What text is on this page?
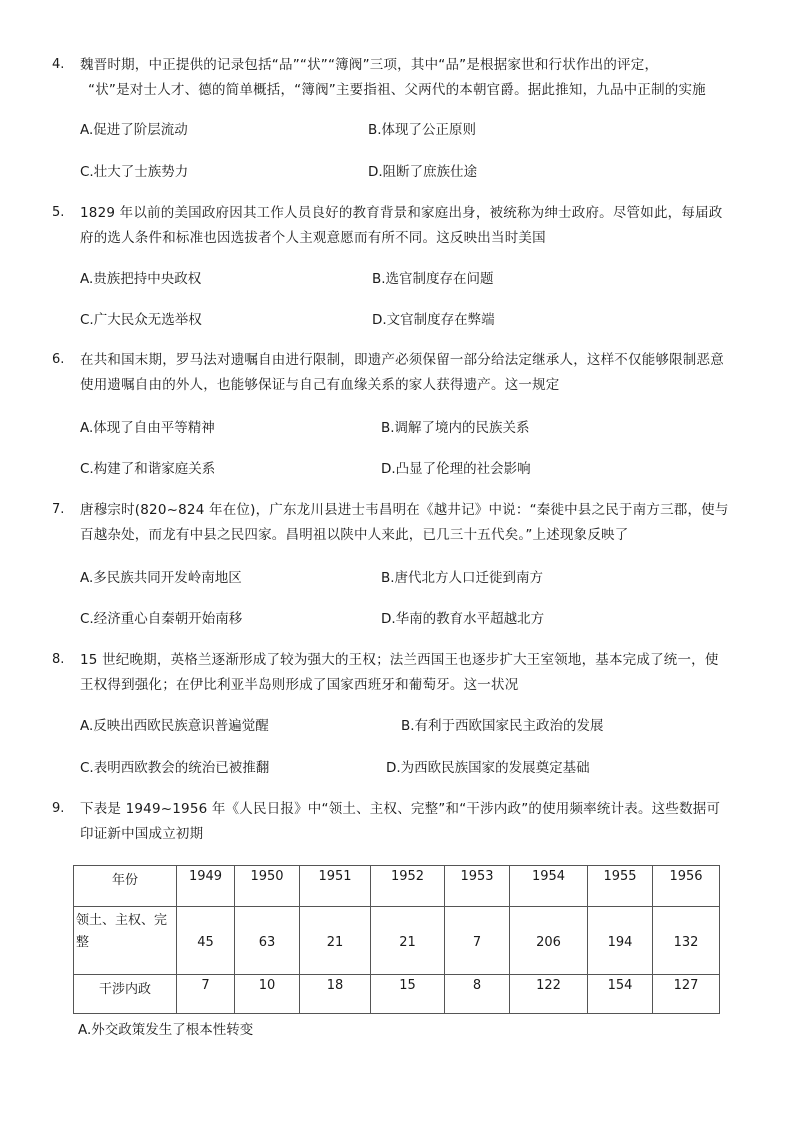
4. 魏晋时期，中正提供的记录包括“品”“状”“簿阀”三项，其中“品”是根据家世和行状作出的评定，

“状”是对士人才、德的简单概括，“簿阀”主要指祖、父两代的本朝官爵。据此推知，九品中正制的实施
A.促进了阶层流动	B.体现了公正原则
C.壮大了士族势力	D.阻断了庶族仕途
5. 1829 年以前的美国政府因其工作人员良好的教育背景和家庭出身，被统称为绅士政府。尽管如此，每届政
府的选人条件和标准也因选拔者个人主观意愿而有所不同。这反映出当时美国
A.贵族把持中央政权	B.选官制度存在问题
C.广大民众无选举权	D.文官制度存在弊端
6. 在共和国末期，罗马法对遗嘱自由进行限制，即遗产必须保留一部分给法定继承人，这样不仅能够限制恶意
使用遗嘱自由的外人，也能够保证与自己有血缘关系的家人获得遗产。这一规定
A.体现了自由平等精神	B.调解了境内的民族关系
C.构建了和谐家庭关系	D.凸显了伦理的社会影响
7. 唐穆宗时(820~824 年在位)，广东龙川县进士韦昌明在《越井记》中说：“秦徙中县之民于南方三郡，使与
百越杂处，而龙有中县之民四家。昌明祖以陕中人来此，已几三十五代矣。”上述现象反映了
A.多民族共同开发岭南地区	B.唐代北方人口迁徙到南方
C.经济重心自秦朝开始南移	D.华南的教育水平超越北方
8. 15 世纪晚期，英格兰逐渐形成了较为强大的王权；法兰西国王也逐步扩大王室领地，基本完成了统一，使
王权得到强化；在伊比利亚半岛则形成了国家西班牙和葡萄牙。这一状况
A.反映出西欧民族意识普遍觉醒	B.有利于西欧国家民主政治的发展
C.表明西欧教会的统治已被推翻	D.为西欧民族国家的发展奠定基础
9. 下表是 1949~1956 年《人民日报》中“领土、主权、完整”和“干涉内政”的使用频率统计表。这些数据可
印证新中国成立初期
年份	1949	1950	1951	1952	1953	1954	1955	1956
领土、主权、完
整	45	63	21	21	7	206	194	132
干涉内政	7	10	18	15	8	122	154	127
A.外交政策发生了根本性转变
